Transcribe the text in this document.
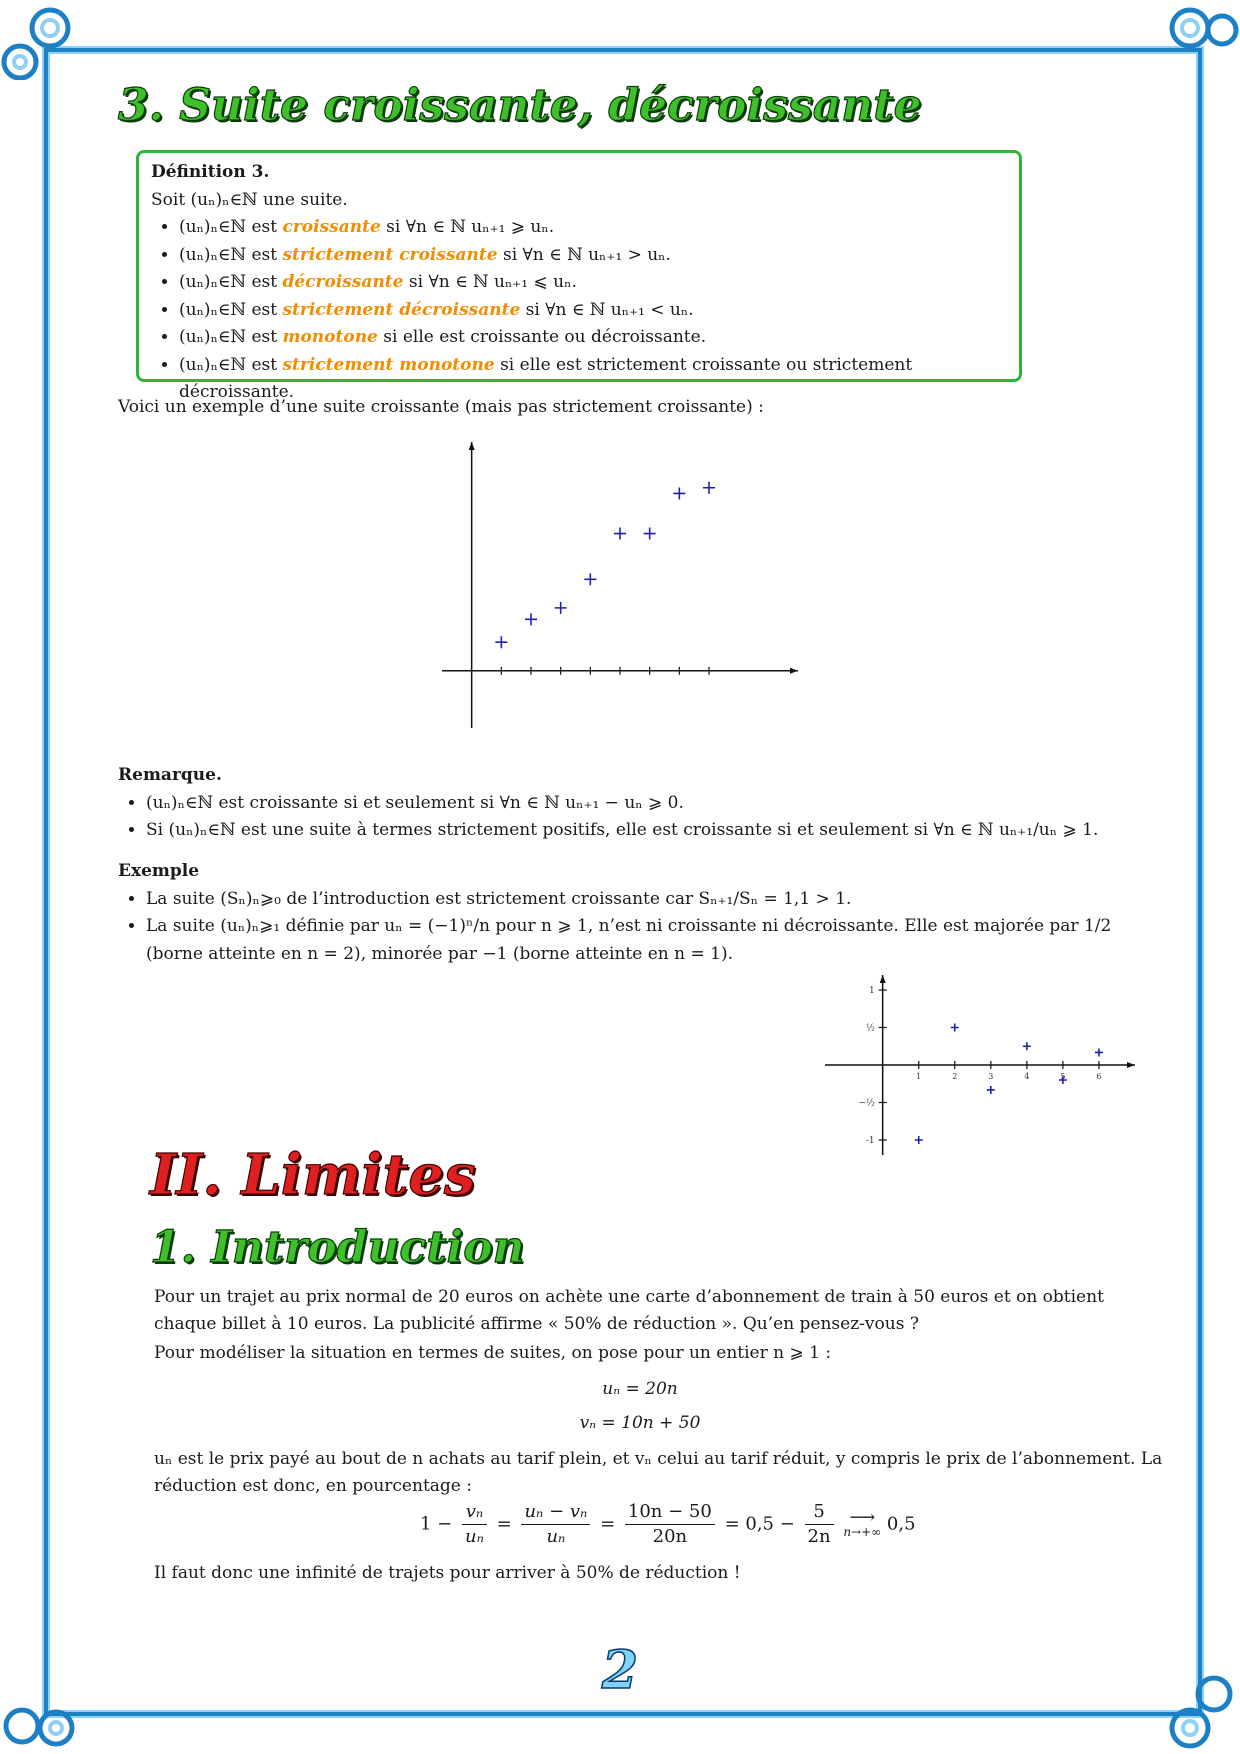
3. Suite croissante, décroissante
Définition 3.
Soit (uₙ)ₙ∈ℕ une suite.
• (uₙ)ₙ∈ℕ est croissante si ∀n ∈ ℕ uₙ₊₁ ⩾ uₙ.
• (uₙ)ₙ∈ℕ est strictement croissante si ∀n ∈ ℕ uₙ₊₁ > uₙ.
• (uₙ)ₙ∈ℕ est décroissante si ∀n ∈ ℕ uₙ₊₁ ⩽ uₙ.
• (uₙ)ₙ∈ℕ est strictement décroissante si ∀n ∈ ℕ uₙ₊₁ < uₙ.
• (uₙ)ₙ∈ℕ est monotone si elle est croissante ou décroissante.
• (uₙ)ₙ∈ℕ est strictement monotone si elle est strictement croissante ou strictement décroissante.
Voici un exemple d’une suite croissante (mais pas strictement croissante) :
Remarque.
• (uₙ)ₙ∈ℕ est croissante si et seulement si ∀n ∈ ℕ uₙ₊₁ − uₙ ⩾ 0.
• Si (uₙ)ₙ∈ℕ est une suite à termes strictement positifs, elle est croissante si et seulement si ∀n ∈ ℕ uₙ₊₁/uₙ ⩾ 1.
Exemple
• La suite (Sₙ)ₙ⩾₀ de l’introduction est strictement croissante car Sₙ₊₁/Sₙ = 1,1 > 1.
• La suite (uₙ)ₙ⩾₁ définie par uₙ = (−1)ⁿ/n pour n ⩾ 1, n’est ni croissante ni décroissante. Elle est majorée par 1/2 (borne atteinte en n = 2), minorée par −1 (borne atteinte en n = 1).
1	2	3	4	5	6
1
½
−½
-1
II. Limites
1. Introduction
Pour un trajet au prix normal de 20 euros on achète une carte d’abonnement de train à 50 euros et on obtient chaque billet à 10 euros. La publicité affirme « 50% de réduction ». Qu’en pensez-vous ?
Pour modéliser la situation en termes de suites, on pose pour un entier n ⩾ 1 :
uₙ = 20n
vₙ = 10n + 50
uₙ est le prix payé au bout de n achats au tarif plein, et vₙ celui au tarif réduit, y compris le prix de l’abonnement. La réduction est donc, en pourcentage :
$1 - \frac{\text{vₙ}}{\text{uₙ}} = \frac{\text{uₙ − vₙ}}{\text{uₙ}} = \frac{10n - 50}{20n} = 0,5 - \frac{5}{2n}$
⟶
n→+∞ 0,5
Il faut donc une infinité de trajets pour arriver à 50% de réduction !
2
